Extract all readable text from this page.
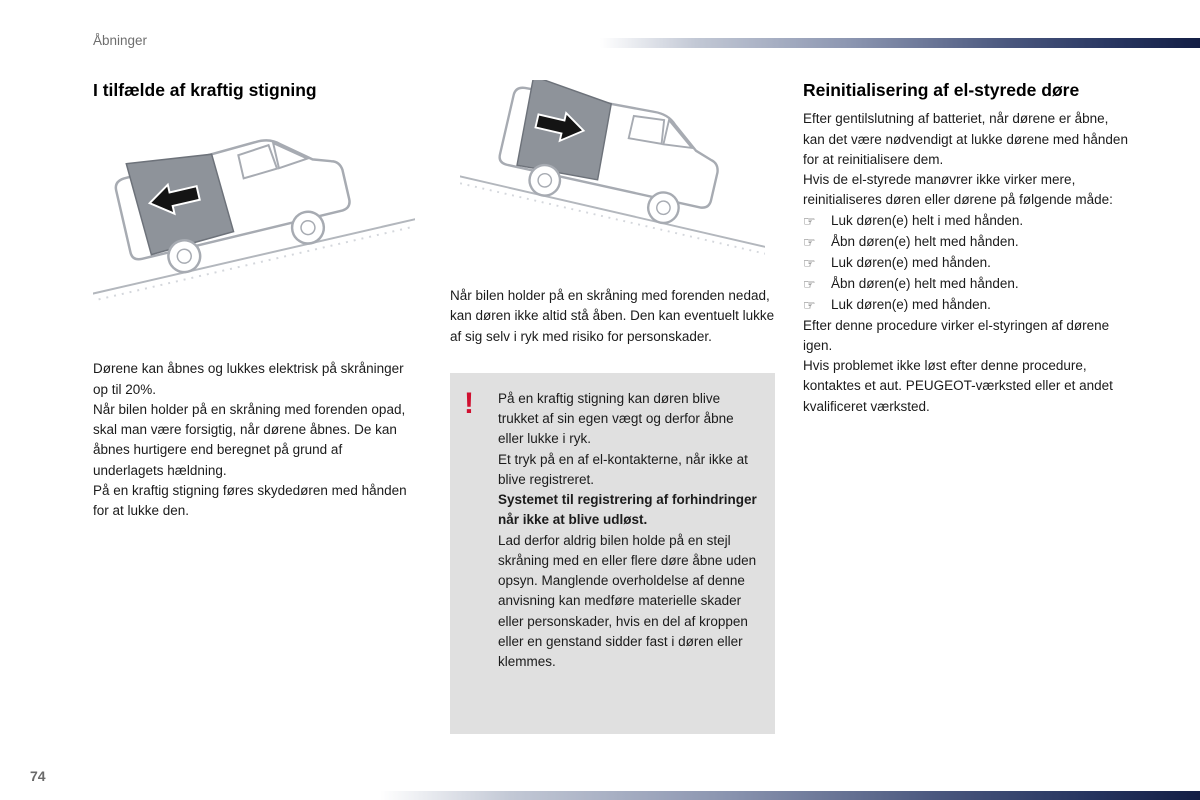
Åbninger
74
I tilfælde af kraftig stigning

Dørene kan åbnes og lukkes elektrisk på skråninger op til 20%.

Når bilen holder på en skråning med forenden opad, skal man være forsigtig, når dørene åbnes. De kan åbnes hurtigere end beregnet på grund af underlagets hældning.

På en kraftig stigning føres skydedøren med hånden for at lukke den.

Når bilen holder på en skråning med forenden nedad, kan døren ikke altid stå åben. Den kan eventuelt lukke af sig selv i ryk med risiko for personskader.

!	På en kraftig stigning kan døren blive trukket af sin egen vægt og derfor åbne eller lukke i ryk.

Et tryk på en af el-kontakterne, når ikke at blive registreret.

Systemet til registrering af forhindringer når ikke at blive udløst.

Lad derfor aldrig bilen holde på en stejl skråning med en eller flere døre åbne uden opsyn. Manglende overholdelse af denne anvisning kan medføre materielle skader eller personskader, hvis en del af kroppen eller en genstand sidder fast i døren eller klemmes.

Reinitialisering af el-styrede døre

Efter gentilslutning af batteriet, når dørene er åbne, kan det være nødvendigt at lukke dørene med hånden for at reinitialisere dem.

Hvis de el-styrede manøvrer ikke virker mere, reinitialiseres døren eller dørene på følgende måde:

☞	Luk døren(e) helt i med hånden.
☞	Åbn døren(e) helt med hånden.
☞	Luk døren(e) med hånden.
☞	Åbn døren(e) helt med hånden.
☞	Luk døren(e) med hånden.

Efter denne procedure virker el-styringen af dørene igen.

Hvis problemet ikke løst efter denne procedure, kontaktes et aut. PEUGEOT-værksted eller et andet kvalificeret værksted.
